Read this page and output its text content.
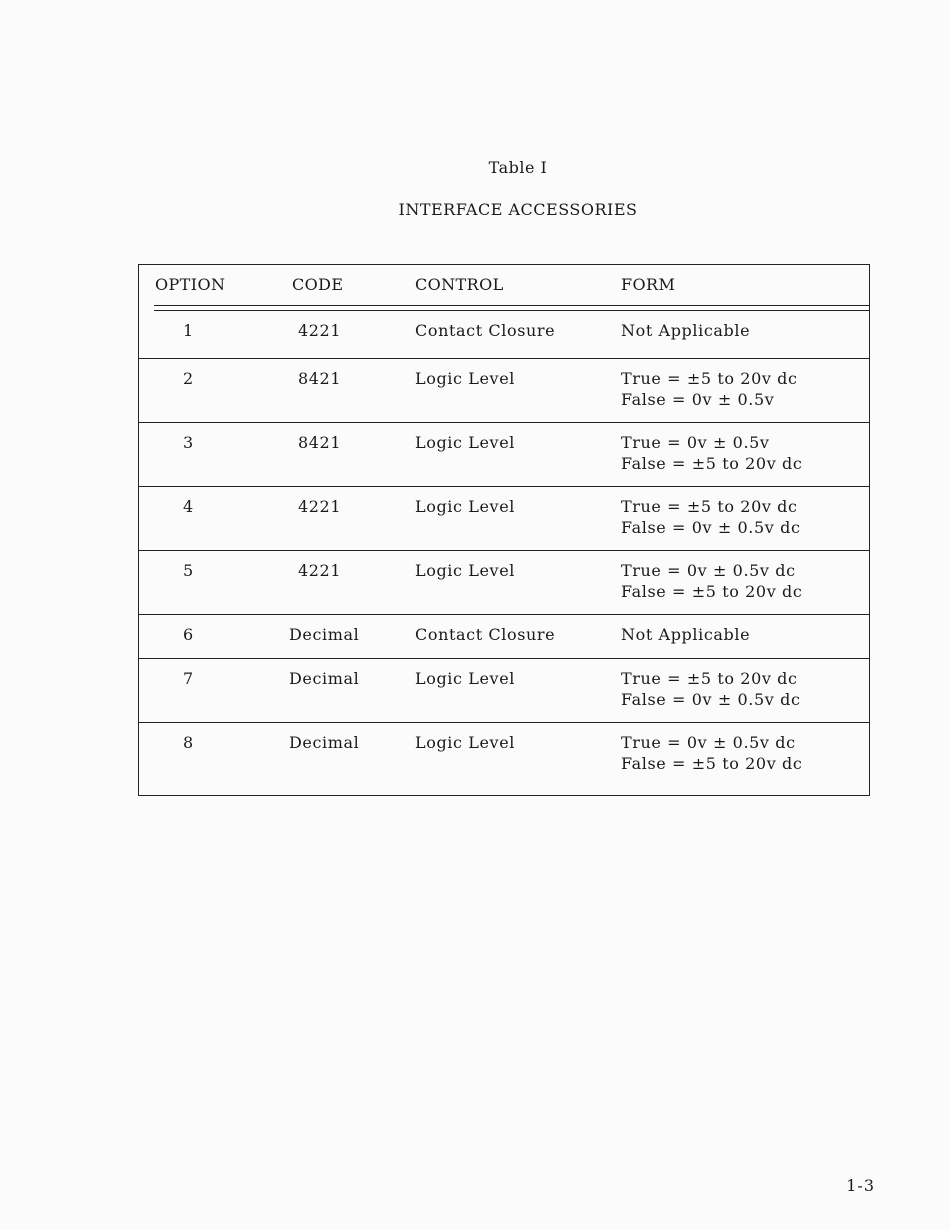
Table I
INTERFACE ACCESSORIES
OPTION	CODE	CONTROL	FORM
1	4221	Contact Closure	Not Applicable
2	8421	Logic Level	True = ±5 to 20v dc
False = 0v ± 0.5v
3	8421	Logic Level	True = 0v ± 0.5v
False = ±5 to 20v dc
4	4221	Logic Level	True = ±5 to 20v dc
False = 0v ± 0.5v dc
5	4221	Logic Level	True = 0v ± 0.5v dc
False = ±5 to 20v dc
6	Decimal	Contact Closure	Not Applicable
7	Decimal	Logic Level	True = ±5 to 20v dc
False = 0v ± 0.5v dc
8	Decimal	Logic Level	True = 0v ± 0.5v dc
False = ±5 to 20v dc
1-3
